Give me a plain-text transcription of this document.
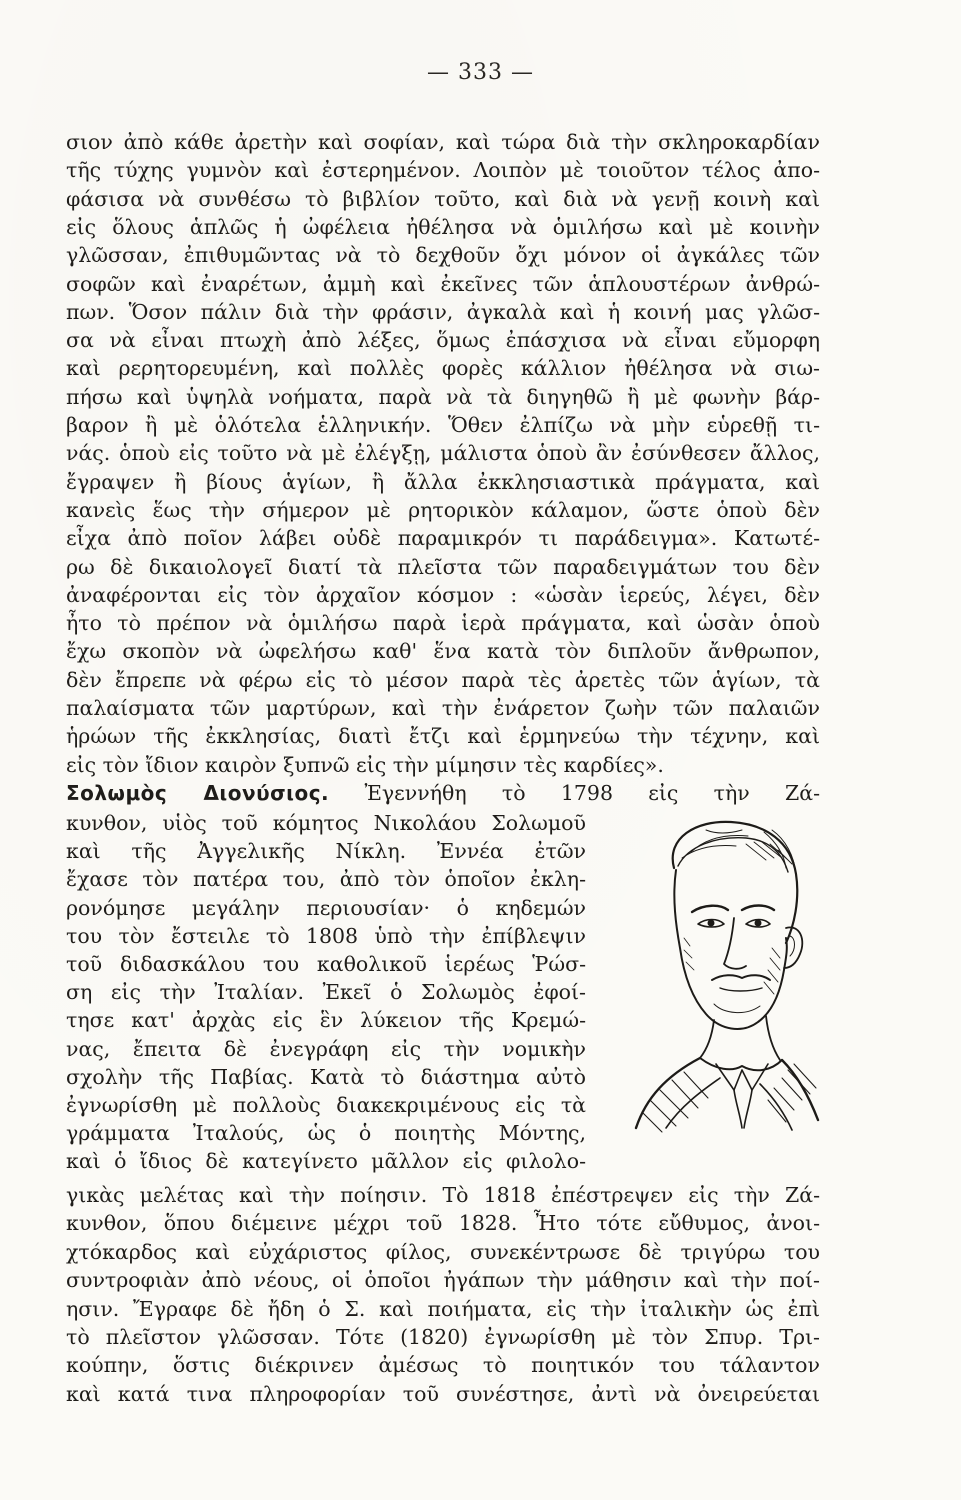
— 333 —
σιον ἀπὸ κάθε ἀρετὴν καὶ σοφίαν, καὶ τώρα διὰ τὴν σκληροκαρδίαν
τῆς τύχης γυμνὸν καὶ ἐστερημένον. Λοιπὸν μὲ τοιοῦτον τέλος ἀπο-
φάσισα νὰ συνθέσω τὸ βιβλίον τοῦτο, καὶ διὰ νὰ γενῇ κοινὴ καὶ
εἰς ὅλους ἁπλῶς ἡ ὠφέλεια ἠθέλησα νὰ ὁμιλήσω καὶ μὲ κοινὴν
γλῶσσαν, ἐπιθυμῶντας νὰ τὸ δεχθοῦν ὄχι μόνον οἱ ἀγκάλες τῶν
σοφῶν καὶ ἐναρέτων, ἀμμὴ καὶ ἐκεῖνες τῶν ἁπλουστέρων ἀνθρώ-
πων. Ὅσον πάλιν διὰ τὴν φράσιν, ἀγκαλὰ καὶ ἡ κοινή μας γλῶσ-
σα νὰ εἶναι πτωχὴ ἀπὸ λέξες, ὅμως ἐπάσχισα νὰ εἶναι εὔμορφη
καὶ ρερητορευμένη, καὶ πολλὲς φορὲς κάλλιον ἠθέλησα νὰ σιω-
πήσω καὶ ὑψηλὰ νοήματα, παρὰ νὰ τὰ διηγηθῶ ἢ μὲ φωνὴν βάρ-
βαρον ἢ μὲ ὁλότελα ἑλληνικήν. Ὅθεν ἐλπίζω νὰ μὴν εὑρεθῇ τι-
νάς. ὁποὺ εἰς τοῦτο νὰ μὲ ἐλέγξῃ, μάλιστα ὁποὺ ἂν ἐσύνθεσεν ἄλλος,
ἔγραψεν ἢ βίους ἁγίων, ἢ ἄλλα ἐκκλησιαστικὰ πράγματα, καὶ
κανεὶς ἕως τὴν σήμερον μὲ ρητορικὸν κάλαμον, ὥστε ὁποὺ δὲν
εἶχα ἀπὸ ποῖον λάβει οὐδὲ παραμικρόν τι παράδειγμα». Κατωτέ-
ρω δὲ δικαιολογεῖ διατί τὰ πλεῖστα τῶν παραδειγμάτων του δὲν
ἀναφέρονται εἰς τὸν ἀρχαῖον κόσμον : «ὡσὰν ἱερεύς, λέγει, δὲν
ἦτο τὸ πρέπον νὰ ὁμιλήσω παρὰ ἱερὰ πράγματα, καὶ ὡσὰν ὁποὺ
ἔχω σκοπὸν νὰ ὠφελήσω καθ' ἕνα κατὰ τὸν διπλοῦν ἄνθρωπον,
δὲν ἔπρεπε νὰ φέρω εἰς τὸ μέσον παρὰ τὲς ἀρετὲς τῶν ἁγίων, τὰ
παλαίσματα τῶν μαρτύρων, καὶ τὴν ἐνάρετον ζωὴν τῶν παλαιῶν
ἡρώων τῆς ἐκκλησίας, διατὶ ἔτζι καὶ ἑρμηνεύω τὴν τέχνην, καὶ
εἰς τὸν ἴδιον καιρὸν ξυπνῶ εἰς τὴν μίμησιν τὲς καρδίες».
Σολωμὸς Διονύσιος. Ἐγεννήθη τὸ 1798 εἰς τὴν Ζά-
κυνθον, υἱὸς τοῦ κόμητος Νικολάου Σολωμοῦ
καὶ τῆς Ἀγγελικῆς Νίκλη. Ἐννέα ἐτῶν
ἔχασε τὸν πατέρα του, ἀπὸ τὸν ὁποῖον ἐκλη-
ρονόμησε μεγάλην περιουσίαν· ὁ κηδεμών
του τὸν ἔστειλε τὸ 1808 ὑπὸ τὴν ἐπίβλεψιν
τοῦ διδασκάλου του καθολικοῦ ἱερέως Ῥώσ-
ση εἰς τὴν Ἰταλίαν. Ἐκεῖ ὁ Σολωμὸς ἐφοί-
τησε κατ' ἀρχὰς εἰς ἓν λύκειον τῆς Κρεμώ-
νας, ἔπειτα δὲ ἐνεγράφη εἰς τὴν νομικὴν
σχολὴν τῆς Παβίας. Κατὰ τὸ διάστημα αὐτὸ
ἐγνωρίσθη μὲ πολλοὺς διακεκριμένους εἰς τὰ
γράμματα Ἰταλούς, ὡς ὁ ποιητὴς Μόντης,
καὶ ὁ ἴδιος δὲ κατεγίνετο μᾶλλον εἰς φιλολο-
γικὰς μελέτας καὶ τὴν ποίησιν. Τὸ 1818 ἐπέστρεψεν εἰς τὴν Ζά-
κυνθον, ὅπου διέμεινε μέχρι τοῦ 1828. Ἦτο τότε εὔθυμος, ἀνοι-
χτόκαρδος καὶ εὐχάριστος φίλος, συνεκέντρωσε δὲ τριγύρω του
συντροφιὰν ἀπὸ νέους, οἱ ὁποῖοι ἠγάπων τὴν μάθησιν καὶ τὴν ποί-
ησιν. Ἔγραφε δὲ ἤδη ὁ Σ. καὶ ποιήματα, εἰς τὴν ἰταλικὴν ὡς ἐπὶ
τὸ πλεῖστον γλῶσσαν. Τότε (1820) ἐγνωρίσθη μὲ τὸν Σπυρ. Τρι-
κούπην, ὅστις διέκρινεν ἀμέσως τὸ ποιητικόν του τάλαντον
καὶ κατά τινα πληροφορίαν τοῦ συνέστησε, ἀντὶ νὰ ὀνειρεύεται
